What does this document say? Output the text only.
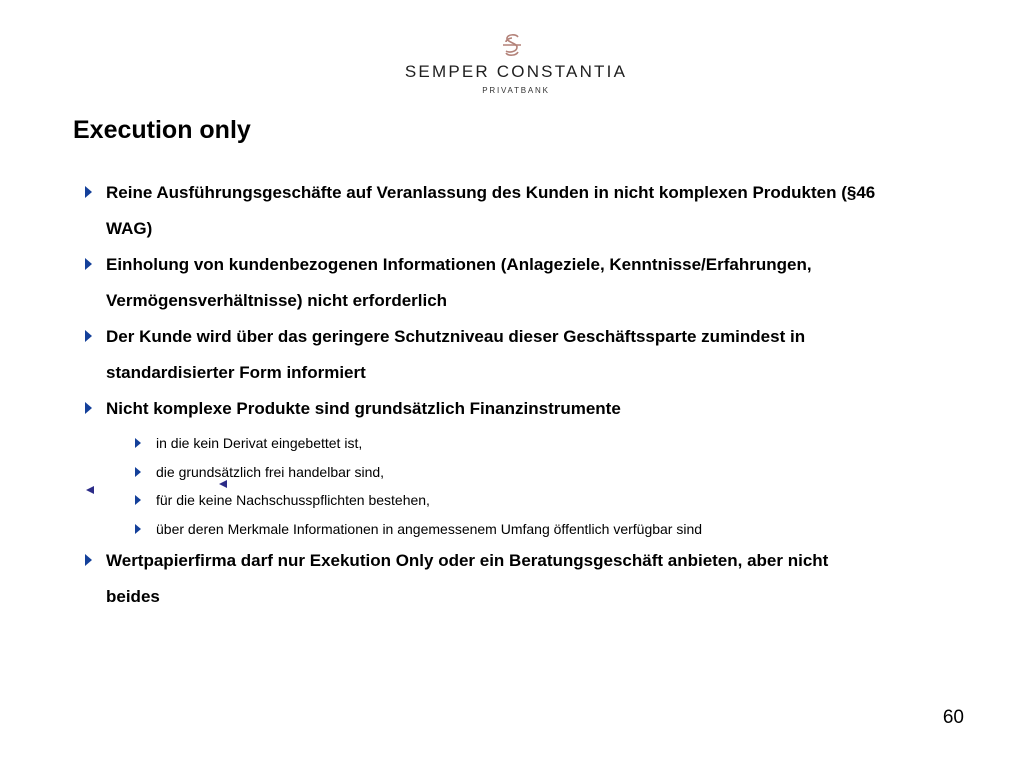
SEMPER CONSTANTIA
PRIVATBANK
Execution only
Reine Ausführungsgeschäfte auf Veranlassung des Kunden in nicht komplexen Produkten (§46 WAG)
Einholung von kundenbezogenen Informationen (Anlageziele, Kenntnisse/Erfahrungen, Vermögensverhältnisse) nicht erforderlich
Der Kunde wird über das geringere Schutzniveau dieser Geschäftssparte zumindest in standardisierter Form informiert
Nicht komplexe Produkte sind grundsätzlich Finanzinstrumente
in die kein Derivat eingebettet ist,
die grundsätzlich frei handelbar sind,
für die keine Nachschusspflichten bestehen,
über deren Merkmale Informationen in angemessenem Umfang öffentlich verfügbar sind
Wertpapierfirma darf nur Exekution Only oder ein Beratungsgeschäft anbieten, aber nicht beides
60
